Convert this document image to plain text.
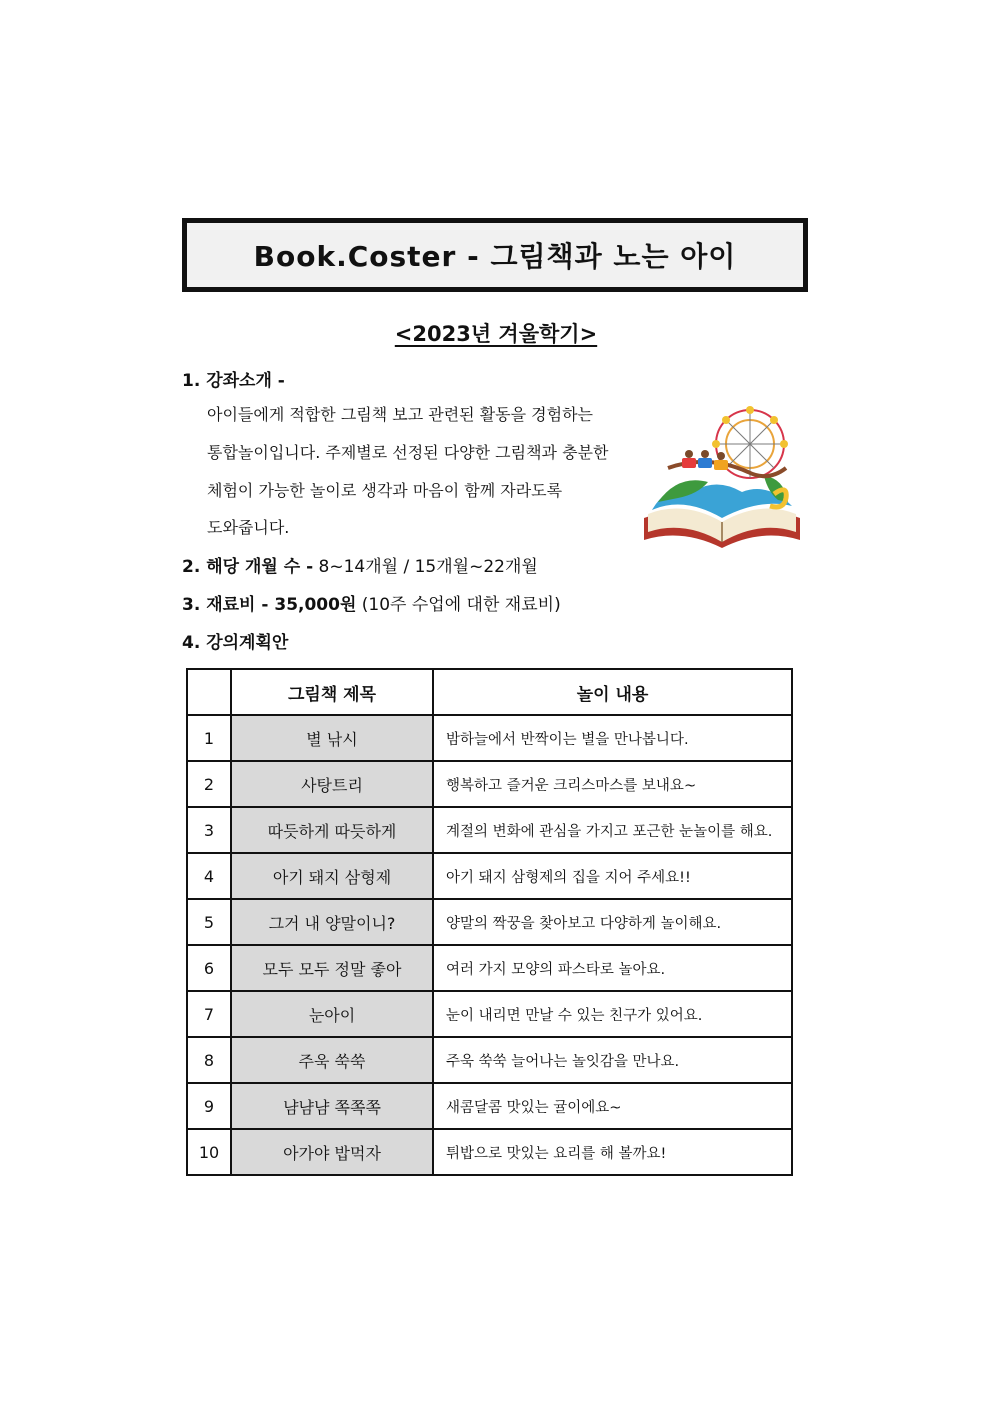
Book.Coster - 그림책과 노는 아이
<2023년 겨울학기>
1. 강좌소개 -
아이들에게 적합한 그림책 보고 관련된 활동을 경험하는
통합놀이입니다. 주제별로 선정된 다양한 그림책과 충분한
체험이 가능한 놀이로 생각과 마음이 함께 자라도록
도와줍니다.
2. 해당 개월 수 - 8~14개월 / 15개월~22개월
3. 재료비 - 35,000원 (10주 수업에 대한 재료비)
4. 강의계획안
	그림책 제목	놀이 내용
1	별 낚시	밤하늘에서 반짝이는 별을 만나봅니다.
2	사탕트리	행복하고 즐거운 크리스마스를 보내요~
3	따듯하게 따듯하게	계절의 변화에 관심을 가지고 포근한 눈놀이를 해요.
4	아기 돼지 삼형제	아기 돼지 삼형제의 집을 지어 주세요!!
5	그거 내 양말이니?	양말의 짝꿍을 찾아보고 다양하게 놀이해요.
6	모두 모두 정말 좋아	여러 가지 모양의 파스타로 놀아요.
7	눈아이	눈이 내리면 만날 수 있는 친구가 있어요.
8	주욱 쑥쑥	주욱 쑥쑥 늘어나는 놀잇감을 만나요.
9	냠냠냠 쪽쪽쪽	새콤달콤 맛있는 귤이에요~
10	아가야 밥먹자	튀밥으로 맛있는 요리를 해 볼까요!
